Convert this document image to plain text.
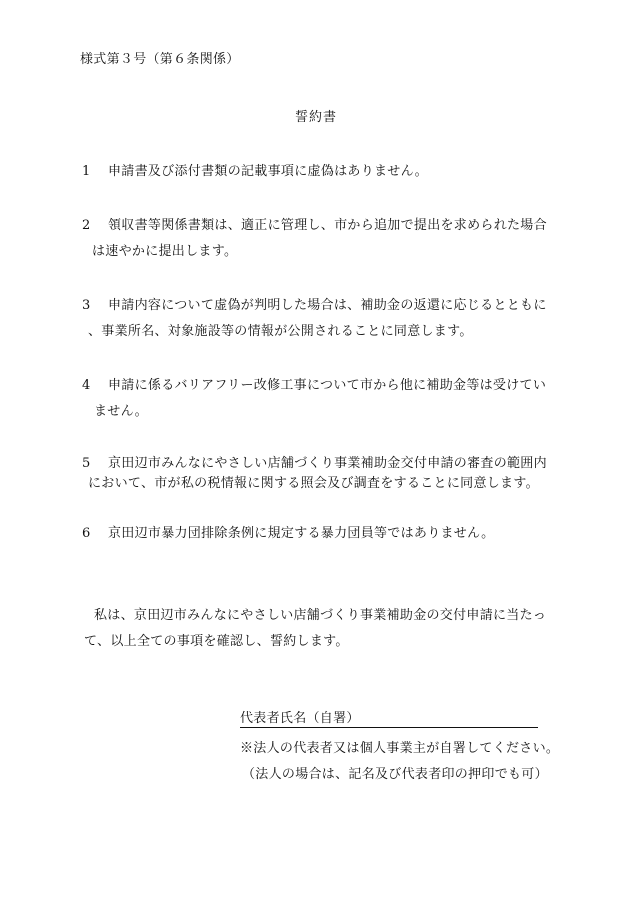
様式第３号（第６条関係）
誓約書
1 申請書及び添付書類の記載事項に虚偽はありません。
2 領収書等関係書類は、適正に管理し、市から追加で提出を求められた場合
は速やかに提出します。
3 申請内容について虚偽が判明した場合は、補助金の返還に応じるとともに
、事業所名、対象施設等の情報が公開されることに同意します。
4 申請に係るバリアフリー改修工事について市から他に補助金等は受けてい
ません。
5 京田辺市みんなにやさしい店舗づくり事業補助金交付申請の審査の範囲内
において、市が私の税情報に関する照会及び調査をすることに同意します。
6 京田辺市暴力団排除条例に規定する暴力団員等ではありません。
私は、京田辺市みんなにやさしい店舗づくり事業補助金の交付申請に当たっ
て、以上全ての事項を確認し、誓約します。
代表者氏名（自署）
※法人の代表者又は個人事業主が自署してください。
（法人の場合は、記名及び代表者印の押印でも可）
